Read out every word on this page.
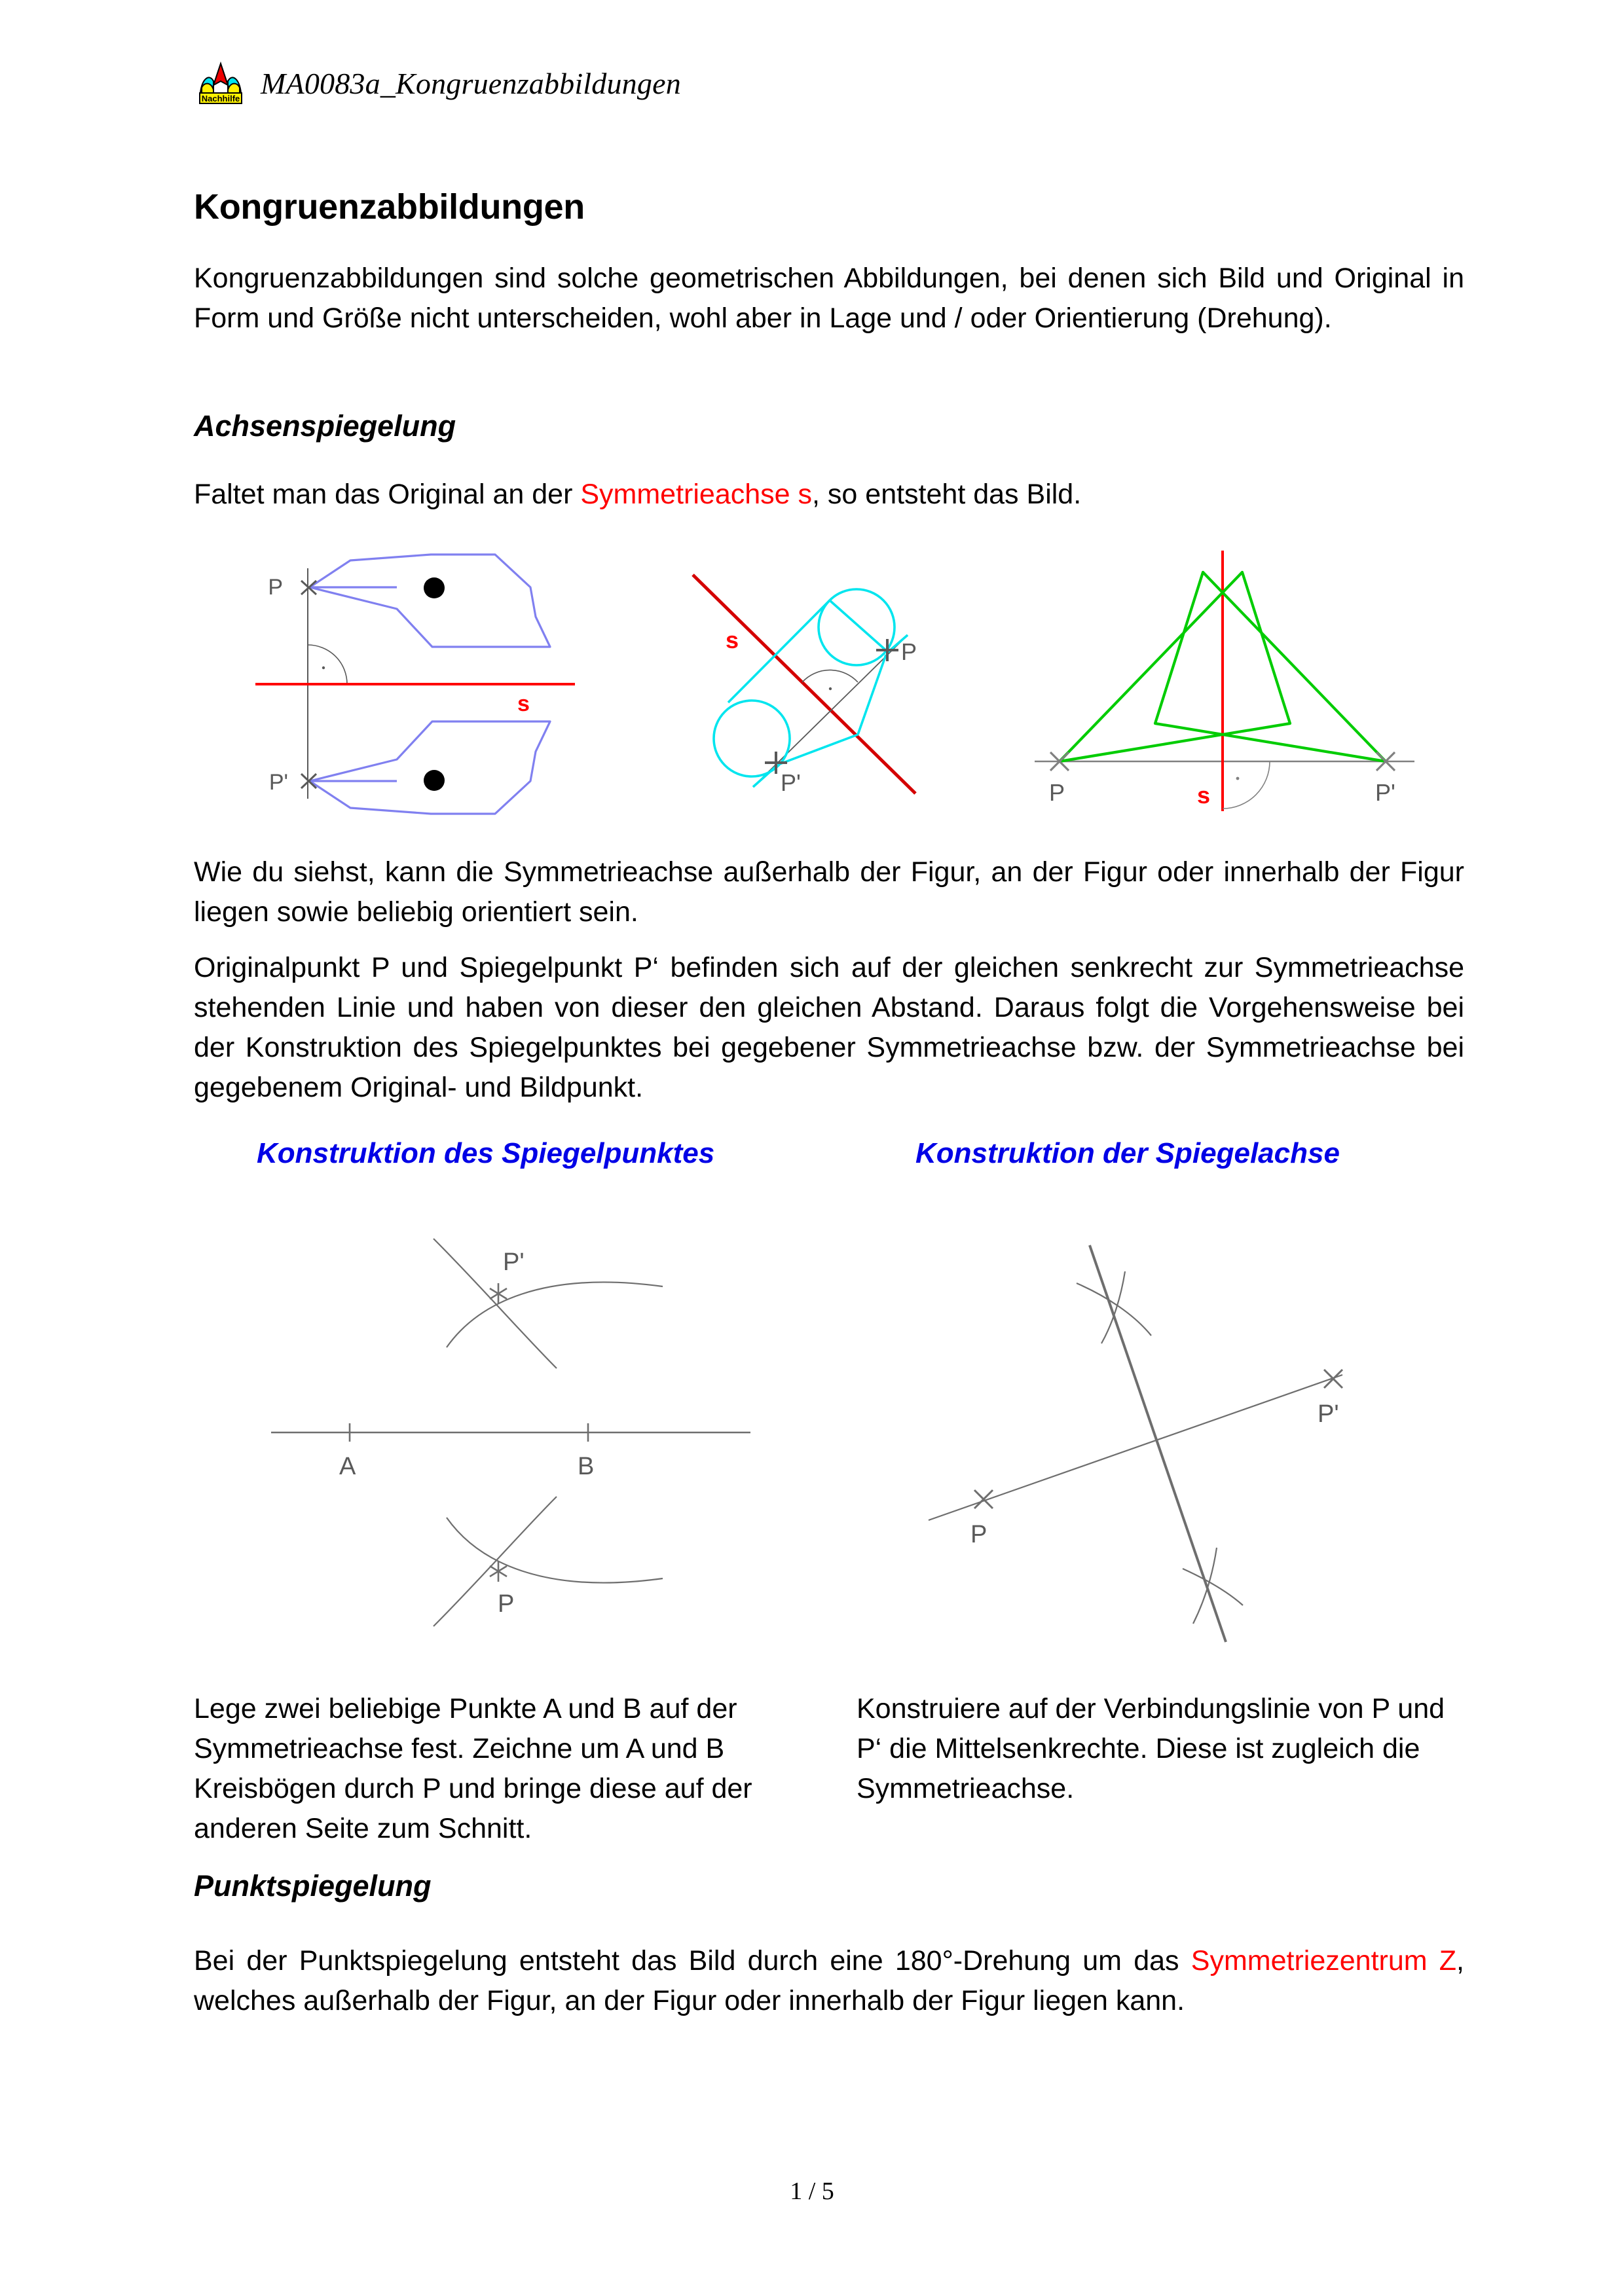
Nachhilfe MA0083a_Kongruenzabbildungen
Kongruenzabbildungen
Kongruenzabbildungen sind solche geometrischen Abbildungen, bei denen sich Bild und Original in Form und Größe nicht unterscheiden, wohl aber in Lage und / oder Orientierung (Drehung).
Achsenspiegelung
Faltet man das Original an der Symmetrieachse s, so entsteht das Bild.
P
P'
s
P
P'
s
P	P'
s
Wie du siehst, kann die Symmetrieachse außerhalb der Figur, an der Figur oder innerhalb der Figur liegen sowie beliebig orientiert sein.
Originalpunkt P und Spiegelpunkt P‘ befinden sich auf der gleichen senkrecht zur Symmetrieachse stehenden Linie und haben von dieser den gleichen Abstand. Daraus folgt die Vorgehensweise bei der Konstruktion des Spiegelpunktes bei gegebener Symmetrieachse bzw. der Symmetrieachse bei gegebenem Original- und Bildpunkt.
Konstruktion des Spiegelpunktes	Konstruktion der Spiegelachse
P'
P
A	B
P
P'
Lege zwei beliebige Punkte A und B auf der Symmetrieachse fest. Zeichne um A und B Kreisbögen durch P und bringe diese auf der anderen Seite zum Schnitt.
Konstruiere auf der Verbindungslinie von P und P‘ die Mittelsenkrechte. Diese ist zugleich die Symmetrieachse.
Punktspiegelung
Bei der Punktspiegelung entsteht das Bild durch eine 180°-Drehung um das Symmetriezentrum Z, welches außerhalb der Figur, an der Figur oder innerhalb der Figur liegen kann.
1 / 5
